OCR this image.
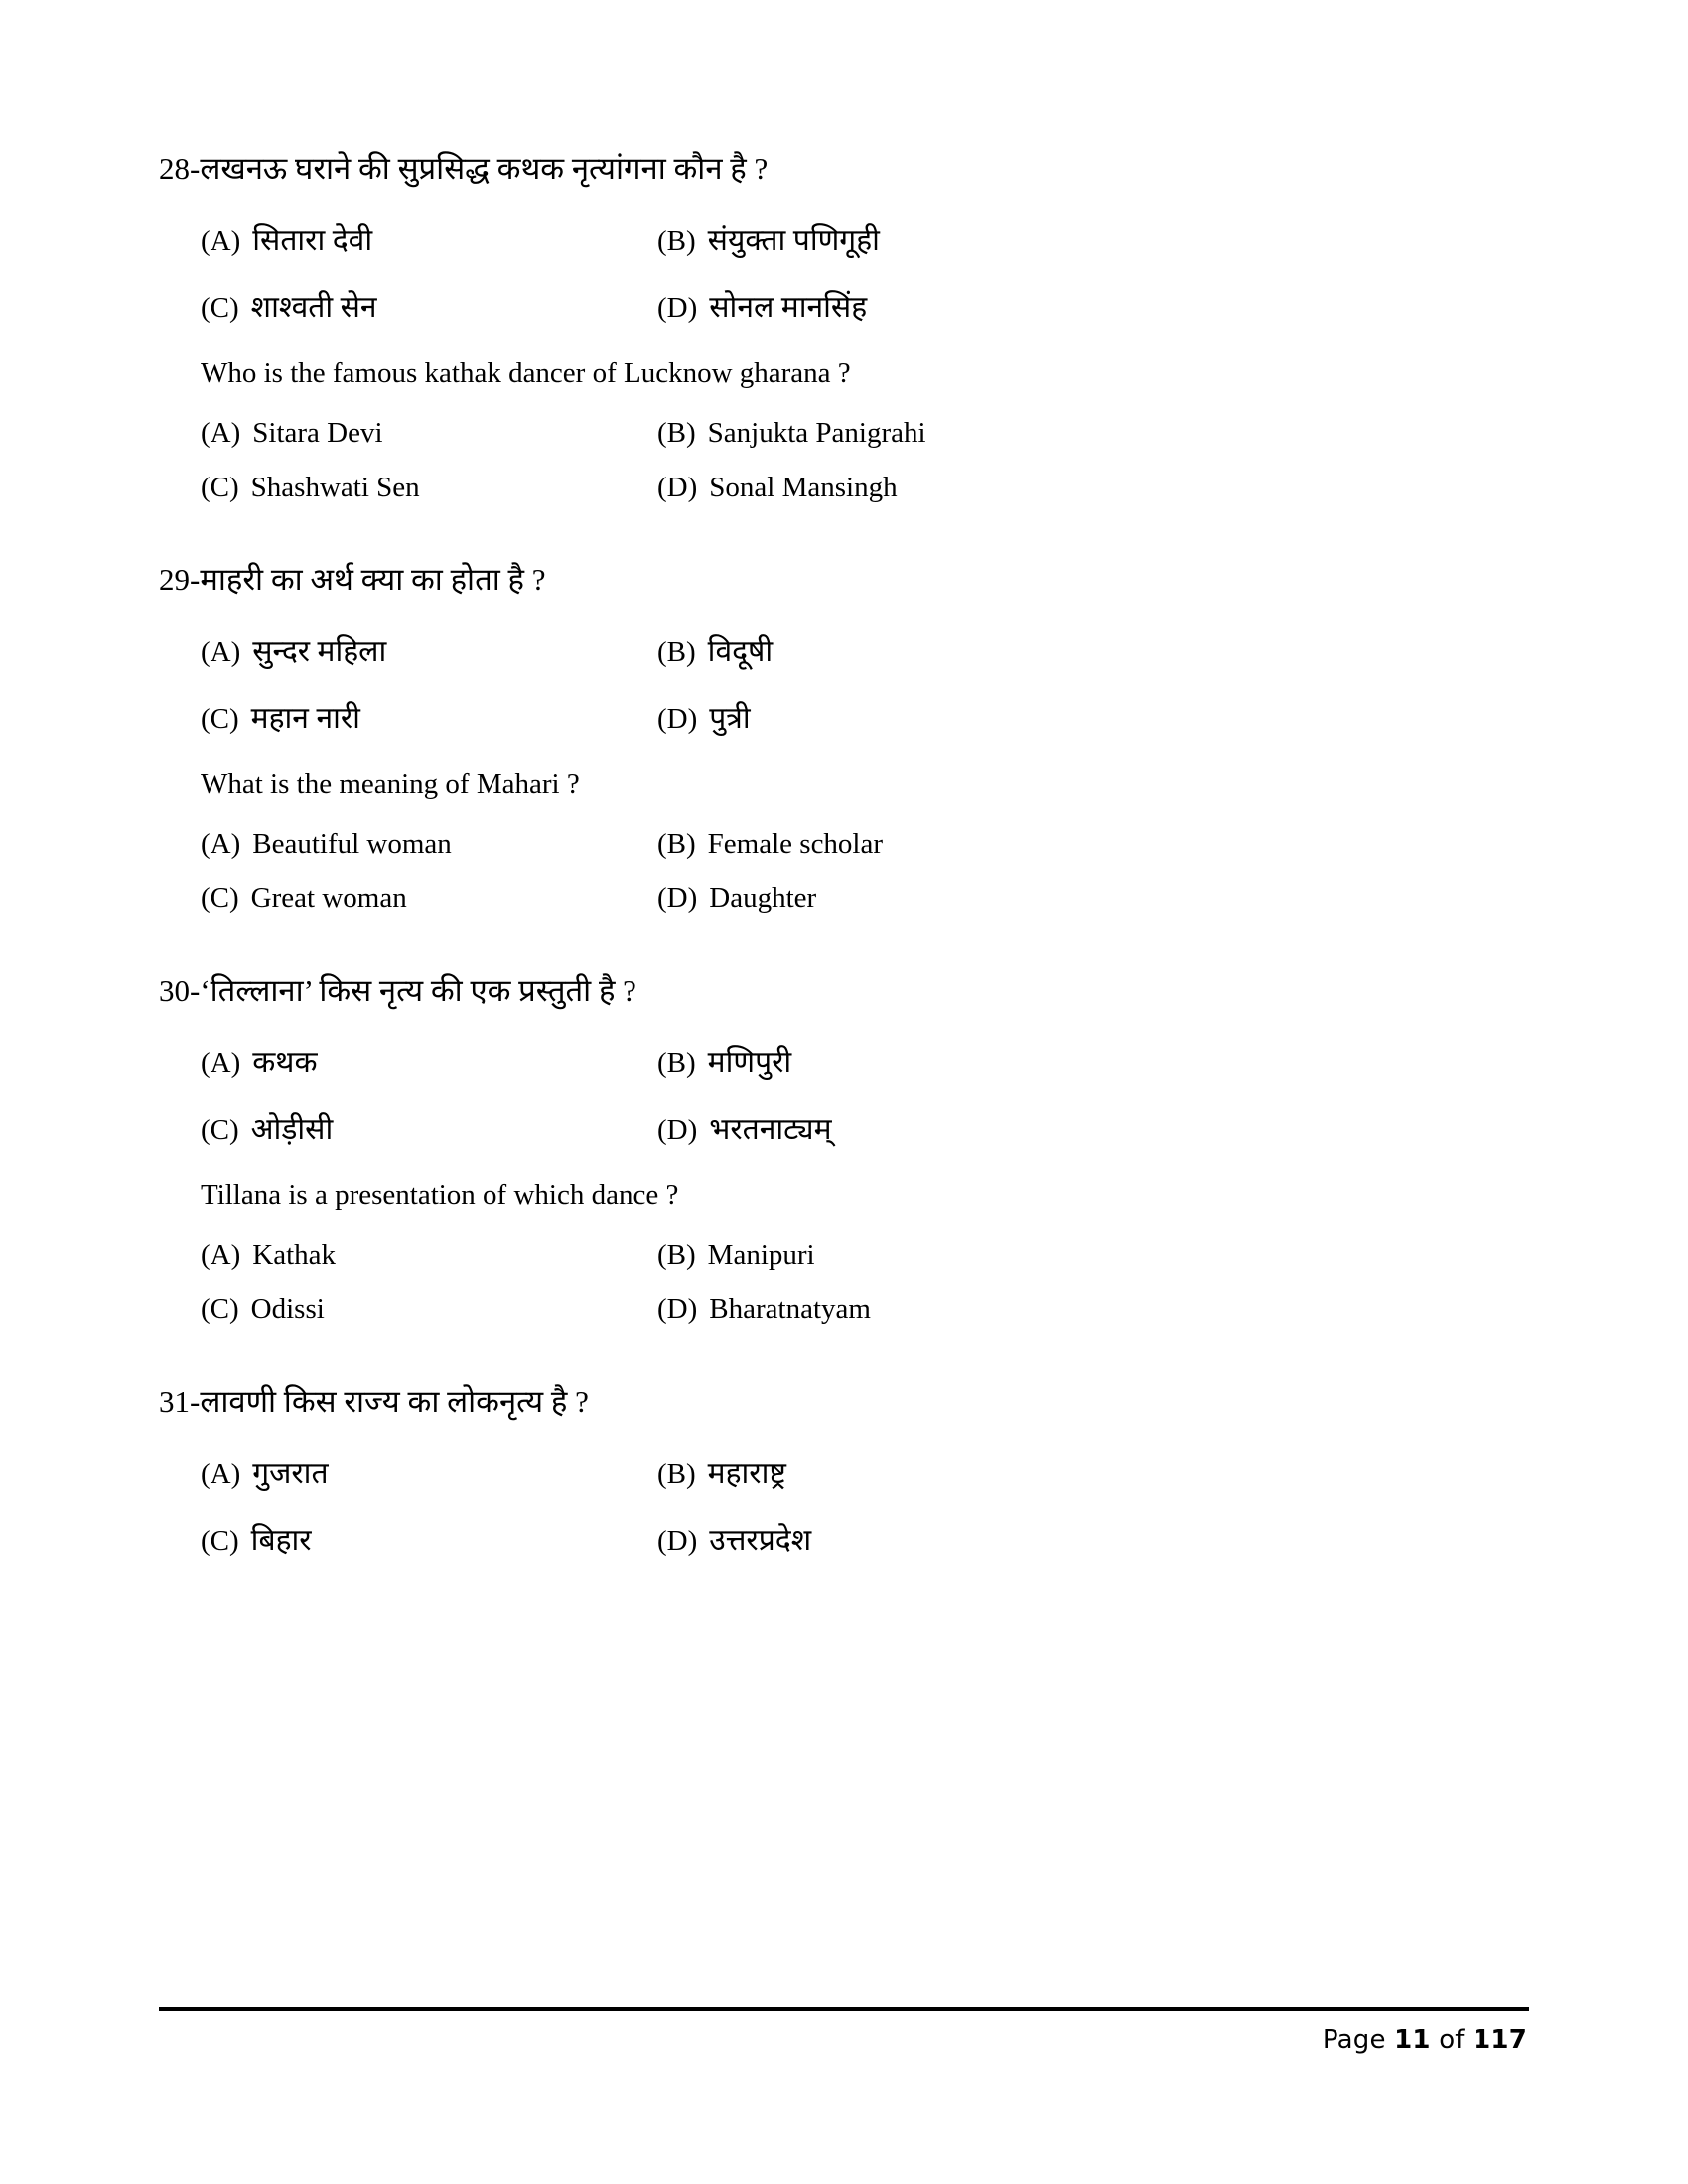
28-लखनऊ घराने की सुप्रसिद्ध कथक नृत्यांगना कौन है ?
(A) सितारा देवी	(B) संयुक्ता पणिगूही
(C) शाश्वती सेन	(D) सोनल मानसिंह
Who is the famous kathak dancer of Lucknow gharana ?
(A) Sitara Devi	(B) Sanjukta Panigrahi
(C) Shashwati Sen	(D) Sonal Mansingh
29-माहरी का अर्थ क्या का होता है ?
(A) सुन्दर महिला	(B) विदूषी
(C) महान नारी	(D) पुत्री
What is the meaning of Mahari ?
(A) Beautiful woman	(B) Female scholar
(C) Great woman	(D) Daughter
30-‘तिल्लाना’ किस नृत्य की एक प्रस्तुती है ?
(A) कथक	(B) मणिपुरी
(C) ओड़ीसी	(D) भरतनाट्यम्
Tillana is a presentation of which dance ?
(A) Kathak	(B) Manipuri
(C) Odissi	(D) Bharatnatyam
31-लावणी किस राज्य का लोकनृत्य है ?
(A) गुजरात	(B) महाराष्ट्र
(C) बिहार	(D) उत्तरप्रदेश
Page 11 of 117
